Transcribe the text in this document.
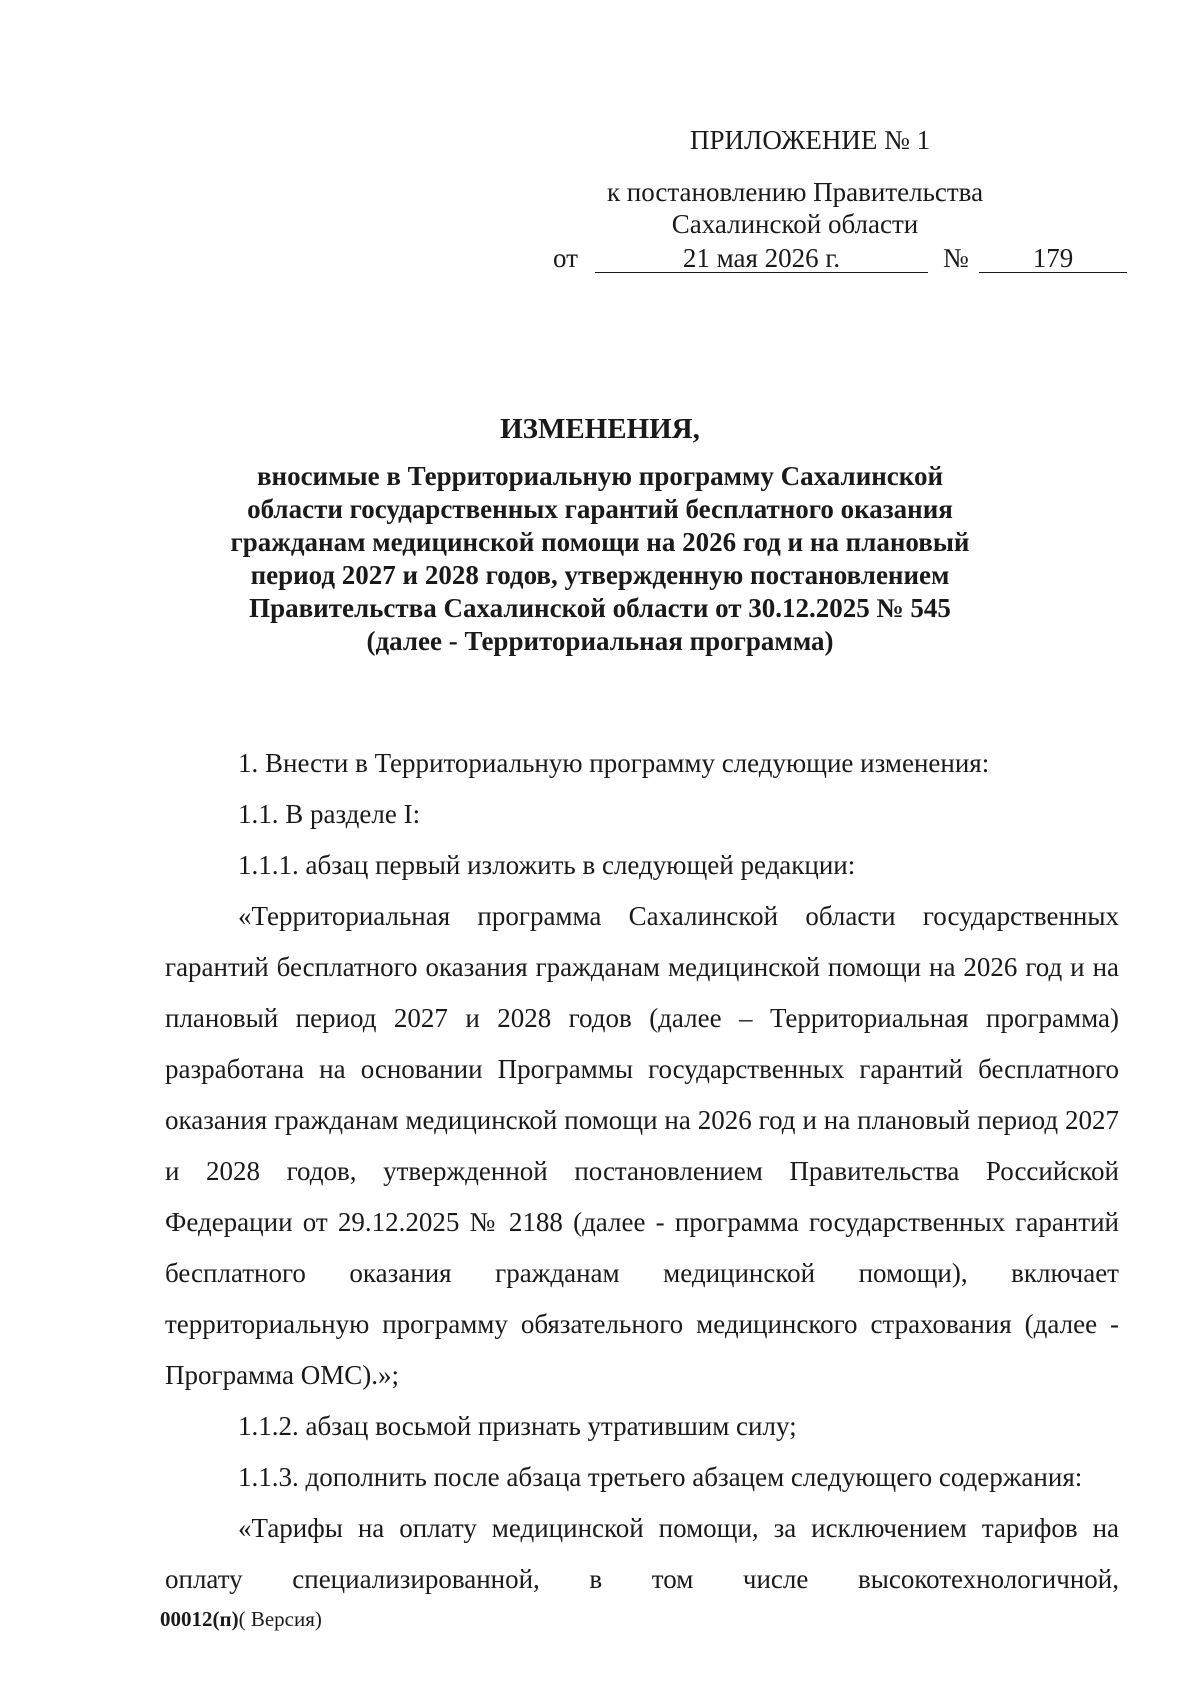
ПРИЛОЖЕНИЕ № 1
к постановлению Правительства
Сахалинской области
от	21 мая 2026 г.	№	179
ИЗМЕНЕНИЯ,
вносимые в Территориальную программу Сахалинской области государственных гарантий бесплатного оказания гражданам медицинской помощи на 2026 год и на плановый период 2027 и 2028 годов, утвержденную постановлением Правительства Сахалинской области от 30.12.2025 № 545 (далее - Территориальная программа)

1. Внести в Территориальную программу следующие изменения:

1.1. В разделе I:

1.1.1. абзац первый изложить в следующей редакции:

«Территориальная программа Сахалинской области государственных гарантий бесплатного оказания гражданам медицинской помощи на 2026 год и на плановый период 2027 и 2028 годов (далее – Территориальная программа) разработана на основании Программы государственных гарантий бесплатного оказания гражданам медицинской помощи на 2026 год и на плановый период 2027 и 2028 годов, утвержденной постановлением Правительства Российской Федерации от 29.12.2025 № 2188 (далее - программа государственных гарантий бесплатного оказания гражданам медицинской помощи), включает территориальную программу обязательного медицинского страхования (далее - Программа ОМС).»;

1.1.2. абзац восьмой признать утратившим силу;

1.1.3. дополнить после абзаца третьего абзацем следующего содержания:

«Тарифы на оплату медицинской помощи, за исключением тарифов на оплату специализированной, в том числе высокотехнологичной,

00012(п)( Версия)
